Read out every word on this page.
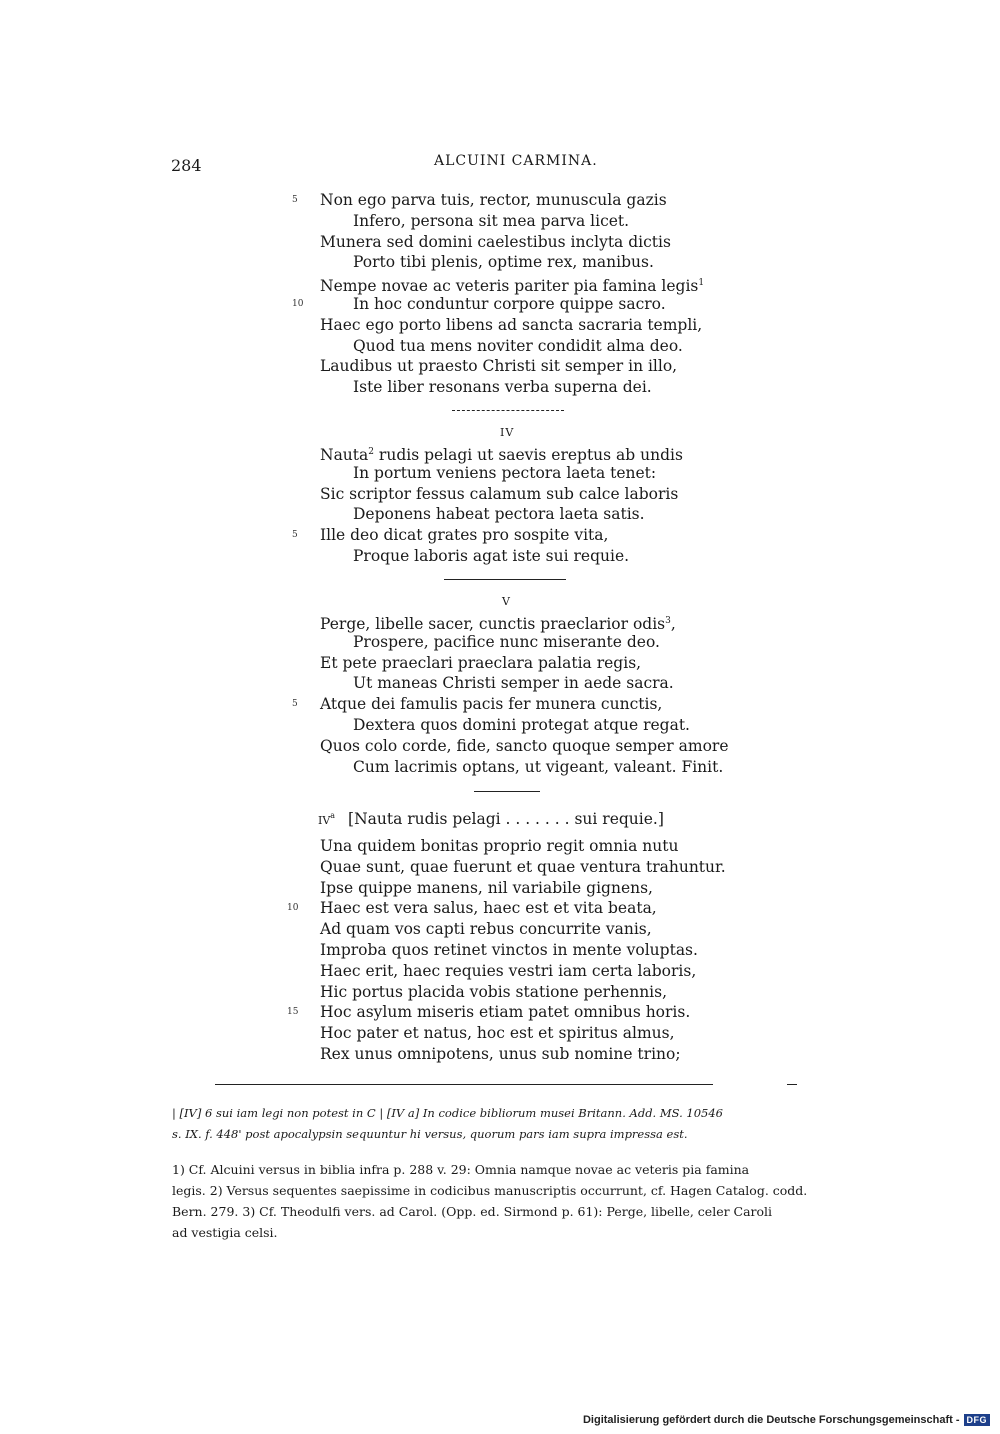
284	ALCUINI CARMINA.
5 Non ego parva tuis, rector, munuscula gazis
Infero, persona sit mea parva licet.
Munera sed domini caelestibus inclyta dictis
Porto tibi plenis, optime rex, manibus.
Nempe novae ac veteris pariter pia famina legis$^1$
10	In hoc conduntur corpore quippe sacro.
Haec ego porto libens ad sancta sacraria templi,
Quod tua mens noviter condidit alma deo.
Laudibus ut praesto Christi sit semper in illo,
Iste liber resonans verba superna dei.
IV
Nauta$^2$ rudis pelagi ut saevis ereptus ab undis
In portum veniens pectora laeta tenet:
Sic scriptor fessus calamum sub calce laboris
Deponens habeat pectora laeta satis.
5 Ille deo dicat grates pro sospite vita,
Proque laboris agat iste sui requie.
V
Perge, libelle sacer, cunctis praeclarior odis$^3$,
Prospere, pacifice nunc miserante deo.
Et pete praeclari praeclara palatia regis,
Ut maneas Christi semper in aede sacra.
5 Atque dei famulis pacis fer munera cunctis,
Dextera quos domini protegat atque regat.
Quos colo corde, fide, sancto quoque semper amore
Cum lacrimis optans, ut vigeant, valeant. Finit.
$IV^a$ [Nauta rudis pelagi . . . . . . . sui requie.]
Una quidem bonitas proprio regit omnia nutu
Quae sunt, quae fuerunt et quae ventura trahuntur.
Ipse quippe manens, nil variabile gignens,
10 Haec est vera salus, haec est et vita beata,
Ad quam vos capti rebus concurrite vanis,
Improba quos retinet vinctos in mente voluptas.
Haec erit, haec requies vestri iam certa laboris,
Hic portus placida vobis statione perhennis,
15 Hoc asylum miseris etiam patet omnibus horis.
Hoc pater et natus, hoc est et spiritus almus,
Rex unus omnipotens, unus sub nomine trino;
| [IV] 6 sui iam legi non potest in C | [IV a] In codice bibliorum musei Britann. Add. MS. 10546
s. IX. f. 448' post apocalypsin sequuntur hi versus, quorum pars iam supra impressa est.
1) Cf. Alcuini versus in biblia infra p. 288 v. 29: Omnia namque novae ac veteris pia famina
legis. 2) Versus sequentes saepissime in codicibus manuscriptis occurrunt, cf. Hagen Catalog. codd.
Bern. 279. 3) Cf. Theodulfi vers. ad Carol. (Opp. ed. Sirmond p. 61): Perge, libelle, celer Caroli
ad vestigia celsi.
Digitalisierung gefördert durch die Deutsche Forschungsgemeinschaft - DFG
